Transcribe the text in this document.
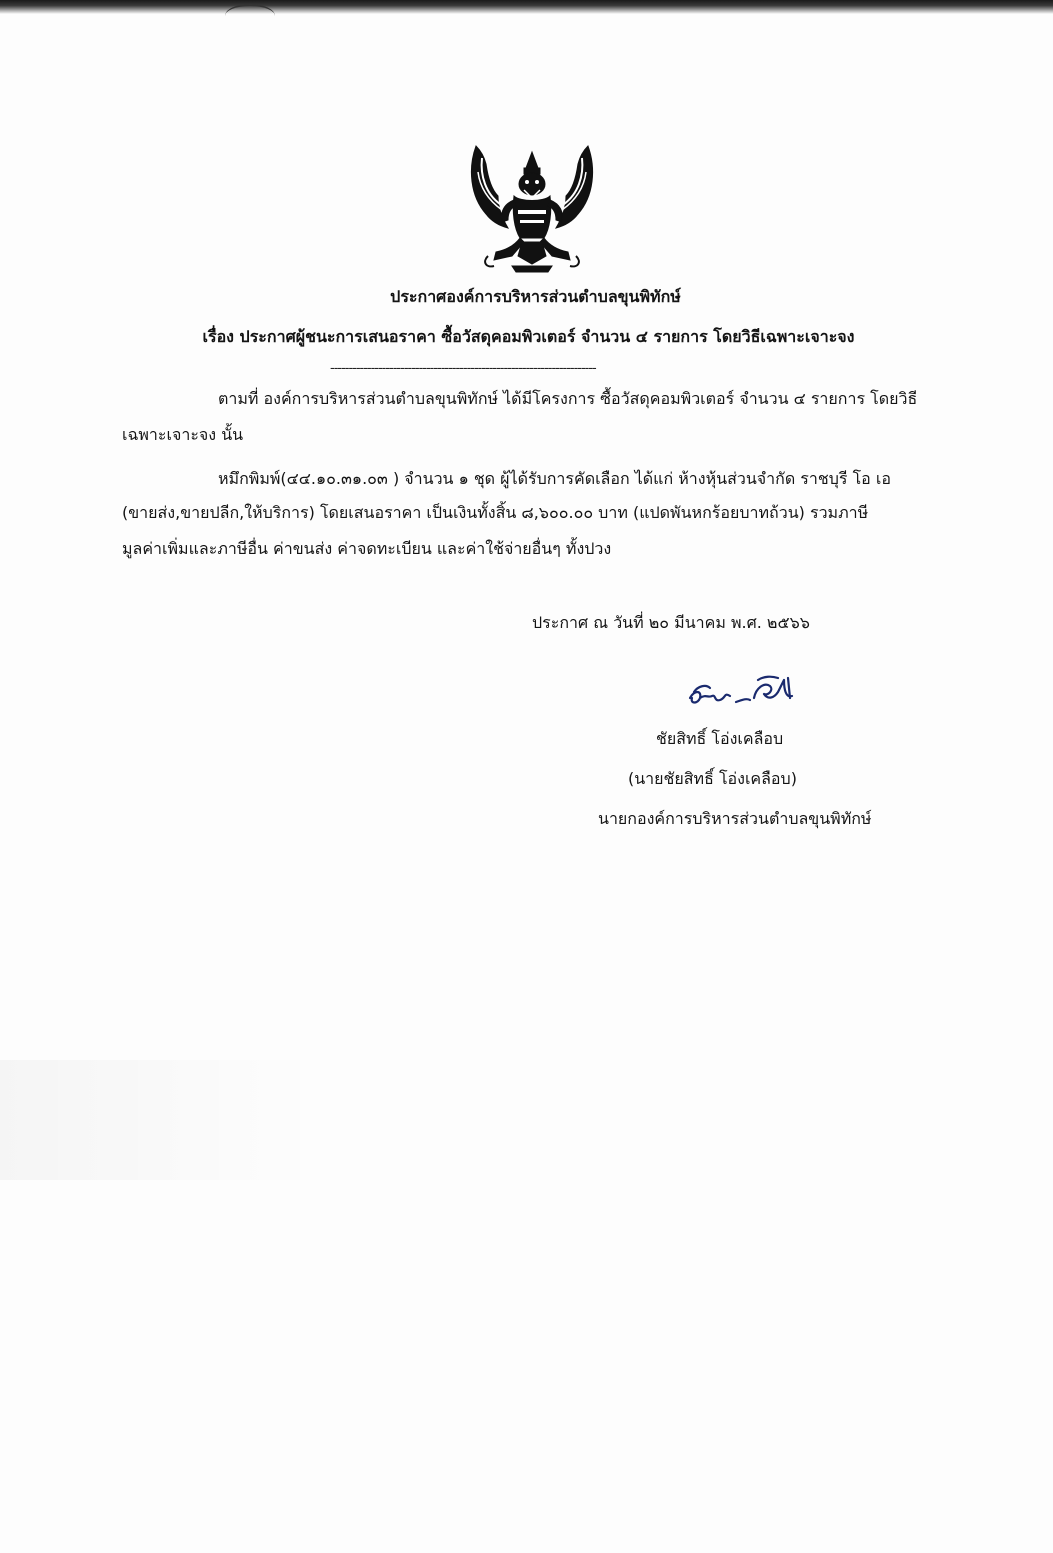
ประกาศองค์การบริหารส่วนตำบลขุนพิทักษ์
เรื่อง ประกาศผู้ชนะการเสนอราคา ซื้อวัสดุคอมพิวเตอร์ จำนวน ๔ รายการ โดยวิธีเฉพาะเจาะจง
------------------------------------------------------------------------
ตามที่ องค์การบริหารส่วนตำบลขุนพิทักษ์ ได้มีโครงการ ซื้อวัสดุคอมพิวเตอร์ จำนวน ๔ รายการ โดยวิธี
เฉพาะเจาะจง นั้น
หมึกพิมพ์(๔๔.๑๐.๓๑.๐๓ ) จำนวน ๑ ชุด ผู้ได้รับการคัดเลือก ได้แก่ ห้างหุ้นส่วนจำกัด ราชบุรี โอ เอ
(ขายส่ง,ขายปลีก,ให้บริการ) โดยเสนอราคา เป็นเงินทั้งสิ้น ๘,๖๐๐.๐๐ บาท (แปดพันหกร้อยบาทถ้วน) รวมภาษี
มูลค่าเพิ่มและภาษีอื่น ค่าขนส่ง ค่าจดทะเบียน และค่าใช้จ่ายอื่นๆ ทั้งปวง
ประกาศ ณ วันที่ ๒๐ มีนาคม พ.ศ. ๒๕๖๖
ชัยสิทธิ์ โอ่งเคลือบ
(นายชัยสิทธิ์ โอ่งเคลือบ)
นายกองค์การบริหารส่วนตำบลขุนพิทักษ์
